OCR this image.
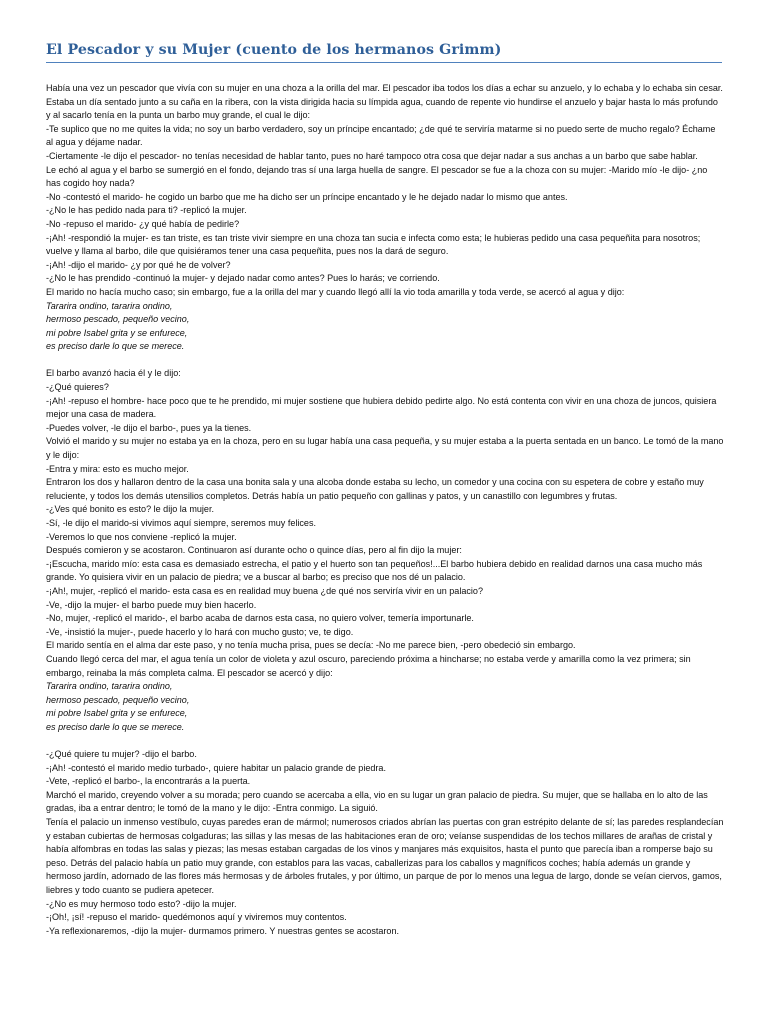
El Pescador y su Mujer (cuento de los hermanos Grimm)

Había una vez un pescador que vivía con su mujer en una choza a la orilla del mar. El pescador iba todos los días a echar su anzuelo, y lo echaba y lo echaba sin cesar.

Estaba un día sentado junto a su caña en la ribera, con la vista dirigida hacia su límpida agua, cuando de repente vio hundirse el anzuelo y bajar hasta lo más profundo y al sacarlo tenía en la punta un barbo muy grande, el cual le dijo:

-Te suplico que no me quites la vida; no soy un barbo verdadero, soy un príncipe encantado; ¿de qué te serviría matarme si no puedo serte de mucho regalo? Échame al agua y déjame nadar.

-Ciertamente -le dijo el pescador- no tenías necesidad de hablar tanto, pues no haré tampoco otra cosa que dejar nadar a sus anchas a un barbo que sabe hablar.

Le echó al agua y el barbo se sumergió en el fondo, dejando tras sí una larga huella de sangre. El pescador se fue a la choza con su mujer: -Marido mío -le dijo- ¿no has cogido hoy nada?

-No -contestó el marido- he cogido un barbo que me ha dicho ser un príncipe encantado y le he dejado nadar lo mismo que antes.

-¿No le has pedido nada para ti? -replicó la mujer.

-No -repuso el marido- ¿y qué había de pedirle?

-¡Ah! -respondió la mujer- es tan triste, es tan triste vivir siempre en una choza tan sucia e infecta como esta; le hubieras pedido una casa pequeñita para nosotros; vuelve y llama al barbo, dile que quisiéramos tener una casa pequeñita, pues nos la dará de seguro.

-¡Ah! -dijo el marido- ¿y por qué he de volver?

-¿No le has prendido -continuó la mujer- y dejado nadar como antes? Pues lo harás; ve corriendo.

El marido no hacía mucho caso; sin embargo, fue a la orilla del mar y cuando llegó allí la vio toda amarilla y toda verde, se acercó al agua y dijo:

Tararira ondino, tararira ondino,

hermoso pescado, pequeño vecino,

mi pobre Isabel grita y se enfurece,

es preciso darle lo que se merece.

El barbo avanzó hacia él y le dijo:

-¿Qué quieres?

-¡Ah! -repuso el hombre- hace poco que te he prendido, mi mujer sostiene que hubiera debido pedirte algo. No está contenta con vivir en una choza de juncos, quisiera mejor una casa de madera.

-Puedes volver, -le dijo el barbo-, pues ya la tienes.

Volvió el marido y su mujer no estaba ya en la choza, pero en su lugar había una casa pequeña, y su mujer estaba a la puerta sentada en un banco. Le tomó de la mano y le dijo:

-Entra y mira: esto es mucho mejor.

Entraron los dos y hallaron dentro de la casa una bonita sala y una alcoba donde estaba su lecho, un comedor y una cocina con su espetera de cobre y estaño muy reluciente, y todos los demás utensilios completos. Detrás había un patio pequeño con gallinas y patos, y un canastillo con legumbres y frutas.

-¿Ves qué bonito es esto? le dijo la mujer.

-Sí, -le dijo el marido-si vivimos aquí siempre, seremos muy felices.

-Veremos lo que nos conviene -replicó la mujer.

Después comieron y se acostaron. Continuaron así durante ocho o quince días, pero al fin dijo la mujer:

-¡Escucha, marido mío: esta casa es demasiado estrecha, el patio y el huerto son tan pequeños!...El barbo hubiera debido en realidad darnos una casa mucho más grande. Yo quisiera vivir en un palacio de piedra; ve a buscar al barbo; es preciso que nos dé un palacio.

-¡Ah!, mujer, -replicó el marido- esta casa es en realidad muy buena ¿de qué nos serviría vivir en un palacio?

-Ve, -dijo la mujer- el barbo puede muy bien hacerlo.

-No, mujer, -replicó el marido-, el barbo acaba de darnos esta casa, no quiero volver, temería importunarle.

-Ve, -insistió la mujer-, puede hacerlo y lo hará con mucho gusto; ve, te digo.

El marido sentía en el alma dar este paso, y no tenía mucha prisa, pues se decía: -No me parece bien, -pero obedeció sin embargo.

Cuando llegó cerca del mar, el agua tenía un color de violeta y azul oscuro, pareciendo próxima a hincharse; no estaba verde y amarilla como la vez primera; sin embargo, reinaba la más completa calma. El pescador se acercó y dijo:

Tararira ondino, tararira ondino,

hermoso pescado, pequeño vecino,

mi pobre Isabel grita y se enfurece,

es preciso darle lo que se merece.

-¿Qué quiere tu mujer? -dijo el barbo.

-¡Ah! -contestó el marido medio turbado-, quiere habitar un palacio grande de piedra.

-Vete, -replicó el barbo-, la encontrarás a la puerta.

Marchó el marido, creyendo volver a su morada; pero cuando se acercaba a ella, vio en su lugar un gran palacio de piedra. Su mujer, que se hallaba en lo alto de las gradas, iba a entrar dentro; le tomó de la mano y le dijo: -Entra conmigo. La siguió.

Tenía el palacio un inmenso vestíbulo, cuyas paredes eran de mármol; numerosos criados abrían las puertas con gran estrépito delante de sí; las paredes resplandecían y estaban cubiertas de hermosas colgaduras; las sillas y las mesas de las habitaciones eran de oro; veíanse suspendidas de los techos millares de arañas de cristal y había alfombras en todas las salas y piezas; las mesas estaban cargadas de los vinos y manjares más exquisitos, hasta el punto que parecía iban a romperse bajo su peso. Detrás del palacio había un patio muy grande, con establos para las vacas, caballerizas para los caballos y magníficos coches; había además un grande y hermoso jardín, adornado de las flores más hermosas y de árboles frutales, y por último, un parque de por lo menos una legua de largo, donde se veían ciervos, gamos, liebres y todo cuanto se pudiera apetecer.

-¿No es muy hermoso todo esto? -dijo la mujer.

-¡Oh!, ¡sí! -repuso el marido- quedémonos aquí y viviremos muy contentos.

-Ya reflexionaremos, -dijo la mujer- durmamos primero. Y nuestras gentes se acostaron.
